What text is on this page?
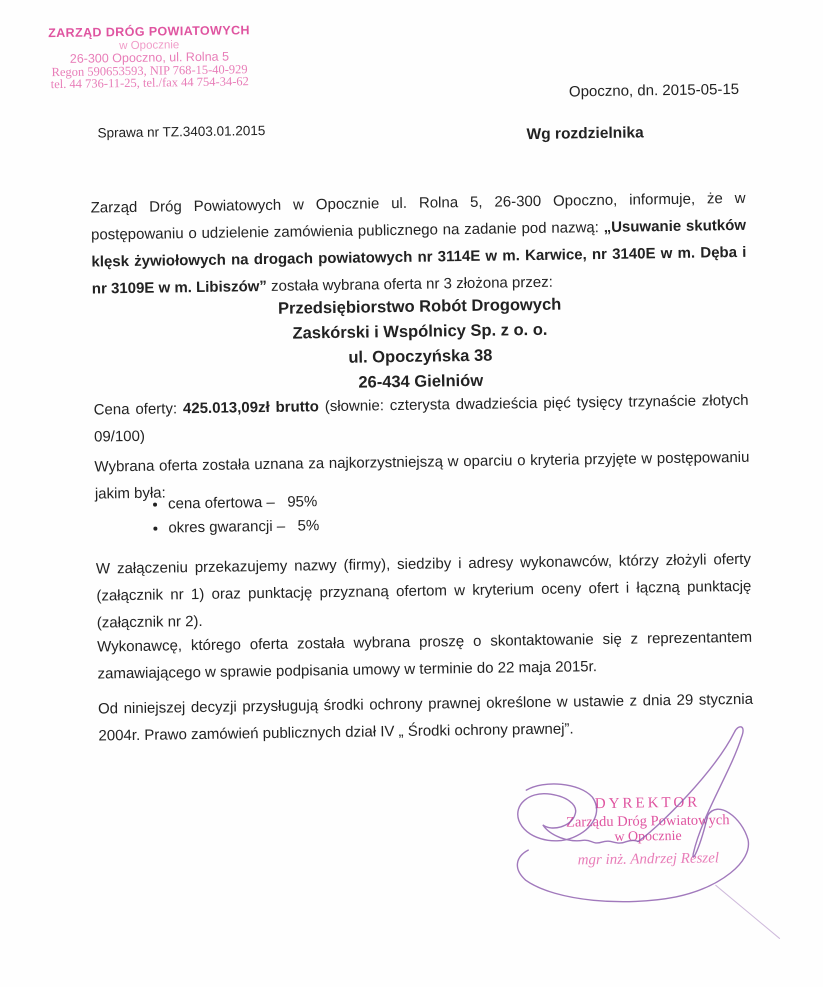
ZARZĄD DRÓG POWIATOWYCH
w Opocznie
26-300 Opoczno, ul. Rolna 5
Regon 590653593, NIP 768-15-40-929
tel. 44 736-11-25, tel./fax 44 754-34-62	Opoczno, dn. 2015-05-15
Sprawa nr TZ.3403.01.2015	Wg rozdzielnika
Zarząd Dróg Powiatowych w Opocznie ul. Rolna 5, 26-300 Opoczno, informuje, że w postępowaniu o udzielenie zamówienia publicznego na zadanie pod nazwą: „Usuwanie skutków klęsk żywiołowych na drogach powiatowych nr 3114E w m. Karwice, nr 3140E w m. Dęba i nr 3109E w m. Libiszów” została wybrana oferta nr 3 złożona przez:
Przedsiębiorstwo Robót Drogowych
Zaskórski i Wspólnicy Sp. z o. o.
ul. Opoczyńska 38
26-434 Gielniów
Cena oferty: 425.013,09zł brutto (słownie: czterysta dwadzieścia pięć tysięcy trzynaście złotych 09/100)
Wybrana oferta została uznana za najkorzystniejszą w oparciu o kryteria przyjęte w postępowaniu jakim była: • cena ofertowa –   95%
• okres gwarancji –   5%
W załączeniu przekazujemy nazwy (firmy), siedziby i adresy wykonawców, którzy złożyli oferty (załącznik nr 1) oraz punktację przyznaną ofertom w kryterium oceny ofert i łączną punktację (załącznik nr 2).
Wykonawcę, którego oferta została wybrana proszę o skontaktowanie się z reprezentantem zamawiającego w sprawie podpisania umowy w terminie do 22 maja 2015r.
Od niniejszej decyzji przysługują środki ochrony prawnej określone w ustawie z dnia 29 stycznia 2004r. Prawo zamówień publicznych dział IV „ Środki ochrony prawnej”.
DYREKTOR
Zarządu Dróg Powiatowych
w Opocznie
mgr inż. Andrzej Reszel
